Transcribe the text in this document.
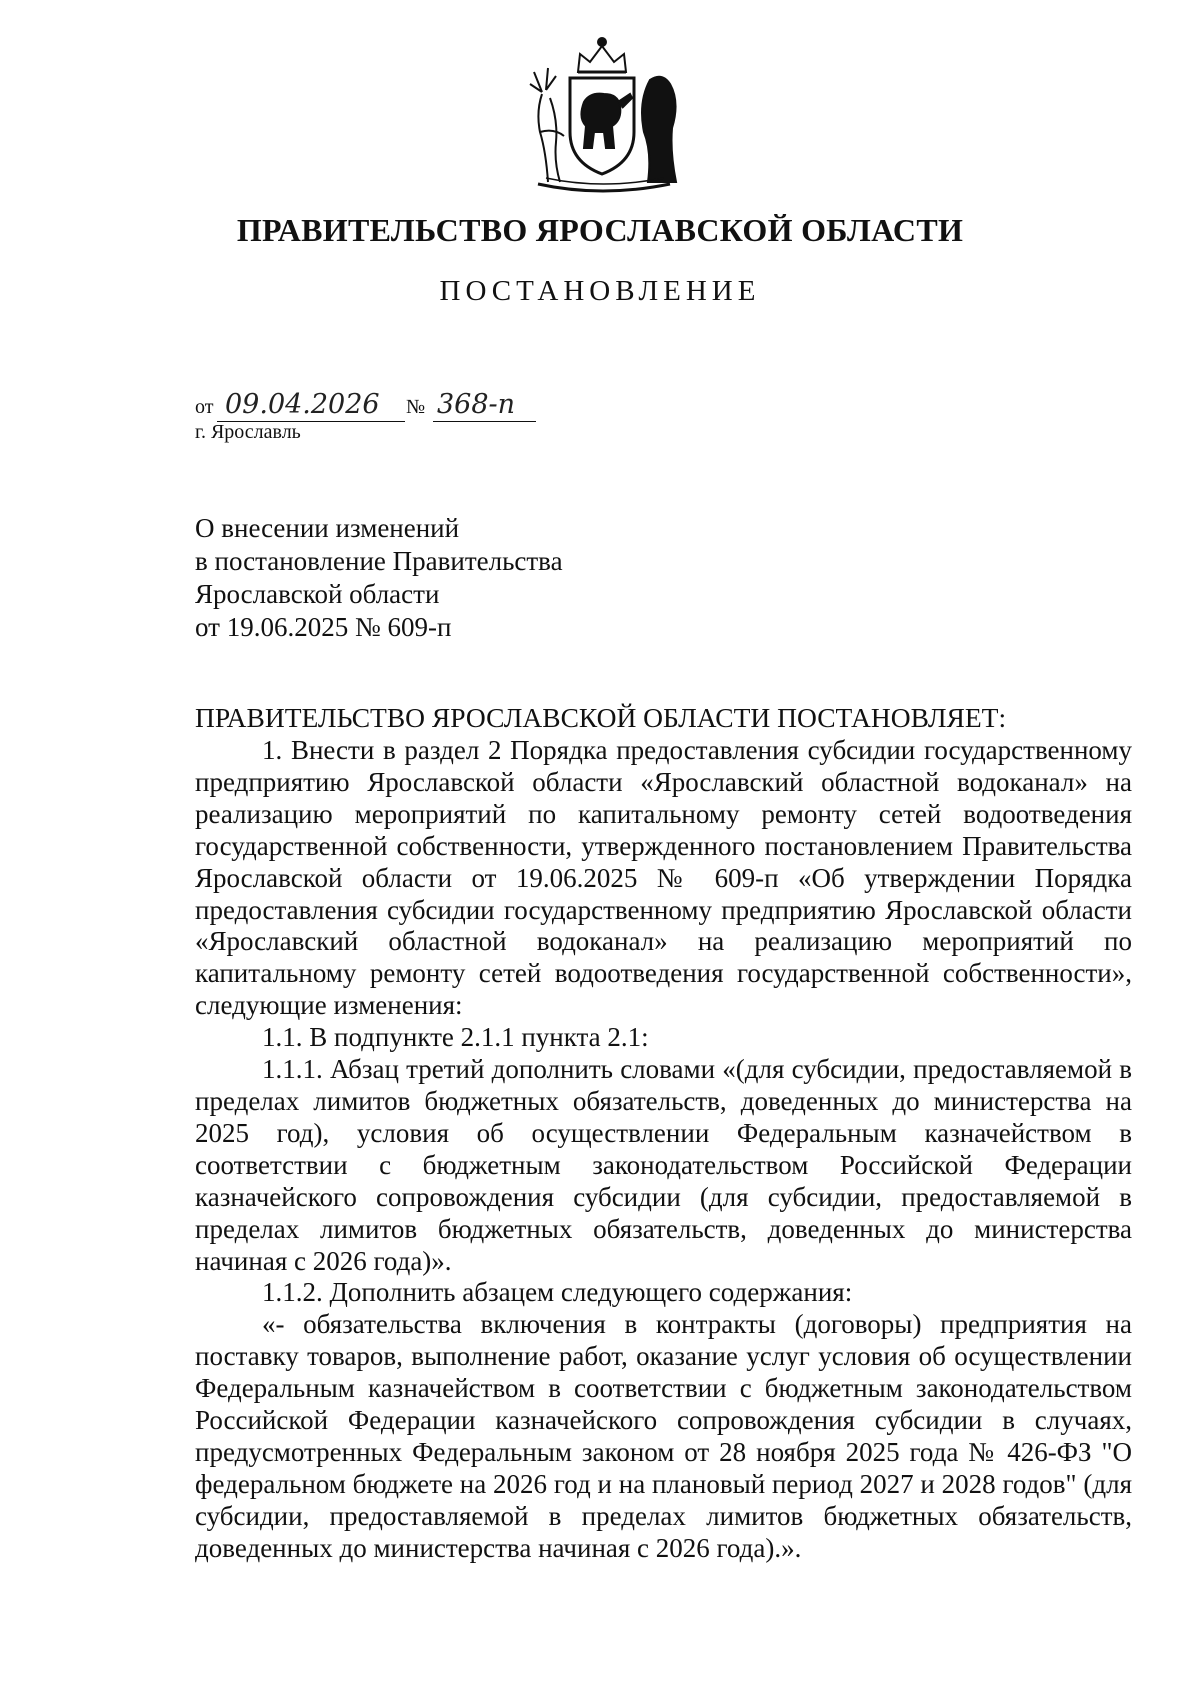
ПРАВИТЕЛЬСТВО ЯРОСЛАВСКОЙ ОБЛАСТИ
ПОСТАНОВЛЕНИЕ
от 09.04.2026 № 368-п
г. Ярославль
О внесении изменений
в постановление Правительства
Ярославской области
от 19.06.2025 № 609-п
ПРАВИТЕЛЬСТВО ЯРОСЛАВСКОЙ ОБЛАСТИ ПОСТАНОВЛЯЕТ:

1. Внести в раздел 2 Порядка предоставления субсидии государственному предприятию Ярославской области «Ярославский областной водоканал» на реализацию мероприятий по капитальному ремонту сетей водоотведения государственной собственности, утвержденного постановлением Правительства Ярославской области от 19.06.2025 № 609-п «Об утверждении Порядка предоставления субсидии государственному предприятию Ярославской области «Ярославский областной водоканал» на реализацию мероприятий по капитальному ремонту сетей водоотведения государственной собственности», следующие изменения:

1.1. В подпункте 2.1.1 пункта 2.1:

1.1.1. Абзац третий дополнить словами «(для субсидии, предоставляемой в пределах лимитов бюджетных обязательств, доведенных до министерства на 2025 год), условия об осуществлении Федеральным казначейством в соответствии с бюджетным законодательством Российской Федерации казначейского сопровождения субсидии (для субсидии, предоставляемой в пределах лимитов бюджетных обязательств, доведенных до министерства начиная с 2026 года)».

1.1.2. Дополнить абзацем следующего содержания:

«- обязательства включения в контракты (договоры) предприятия на поставку товаров, выполнение работ, оказание услуг условия об осуществлении Федеральным казначейством в соответствии с бюджетным законодательством Российской Федерации казначейского сопровождения субсидии в случаях, предусмотренных Федеральным законом от 28 ноября 2025 года № 426-ФЗ "О федеральном бюджете на 2026 год и на плановый период 2027 и 2028 годов" (для субсидии, предоставляемой в пределах лимитов бюджетных обязательств, доведенных до министерства начиная с 2026 года).».
